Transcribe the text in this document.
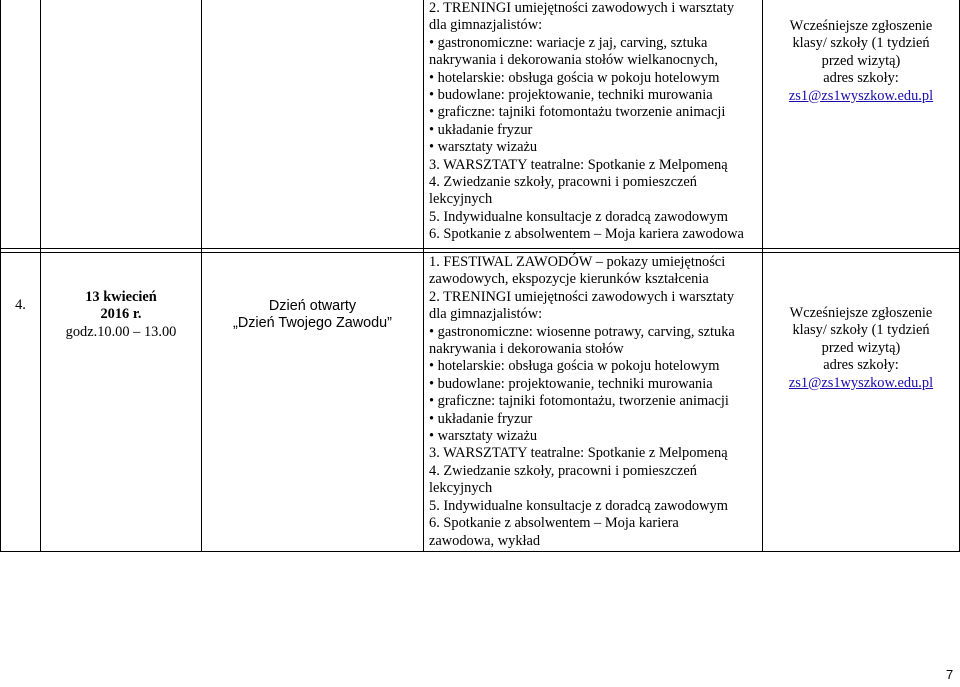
2. TRENINGI umiejętności zawodowych i warsztaty
dla gimnazjalistów:
• gastronomiczne: wariacje z jaj, carving, sztuka
nakrywania i dekorowania stołów wielkanocnych,
• hotelarskie: obsługa gościa w pokoju hotelowym
• budowlane: projektowanie, techniki murowania
• graficzne: tajniki fotomontażu tworzenie animacji
• układanie fryzur
• warsztaty wizażu
3. WARSZTATY teatralne: Spotkanie z Melpomeną
4. Zwiedzanie szkoły, pracowni i pomieszczeń
lekcyjnych
5. Indywidualne konsultacje z doradcą zawodowym
6. Spotkanie z absolwentem – Moja kariera zawodowa
Wcześniejsze zgłoszenie
klasy/ szkoły (1 tydzień
przed wizytą)
adres szkoły:
zs1@zs1wyszkow.edu.pl
4.	13 kwiecień
2016 r.
godz.10.00 – 13.00
Dzień otwarty
„Dzień Twojego Zawodu”
1. FESTIWAL ZAWODÓW – pokazy umiejętności
zawodowych, ekspozycje kierunków kształcenia
2. TRENINGI umiejętności zawodowych i warsztaty
dla gimnazjalistów:
• gastronomiczne: wiosenne potrawy, carving, sztuka
nakrywania i dekorowania stołów
• hotelarskie: obsługa gościa w pokoju hotelowym
• budowlane: projektowanie, techniki murowania
• graficzne: tajniki fotomontażu, tworzenie animacji
• układanie fryzur
• warsztaty wizażu
3. WARSZTATY teatralne: Spotkanie z Melpomeną
4. Zwiedzanie szkoły, pracowni i pomieszczeń
lekcyjnych
5. Indywidualne konsultacje z doradcą zawodowym
6. Spotkanie z absolwentem – Moja kariera
zawodowa, wykład
Wcześniejsze zgłoszenie
klasy/ szkoły (1 tydzień
przed wizytą)
adres szkoły:
zs1@zs1wyszkow.edu.pl
7
